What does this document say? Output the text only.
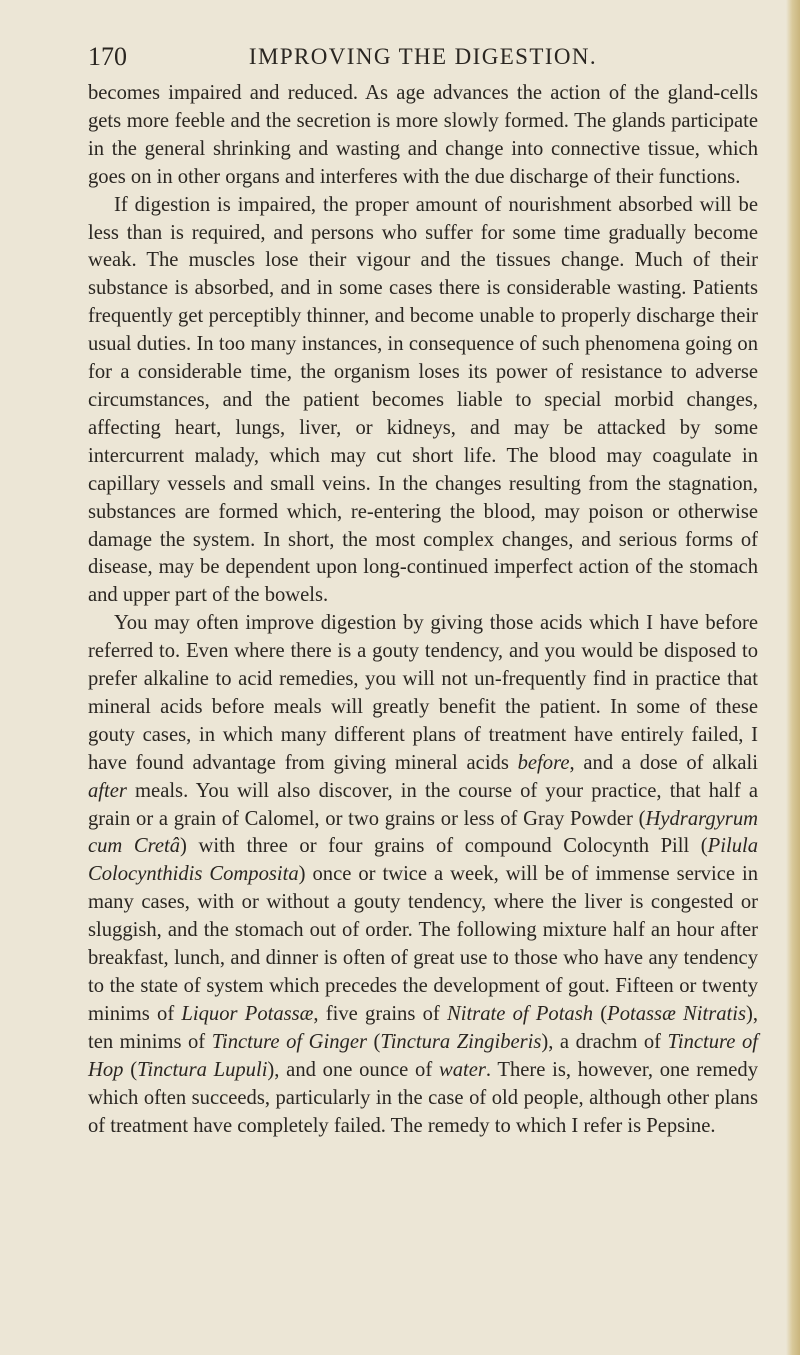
170	IMPROVING THE DIGESTION.

becomes impaired and reduced. As age advances the action of the gland-cells gets more feeble and the secretion is more slowly formed. The glands participate in the general shrinking and wasting and change into connective tissue, which goes on in other organs and interferes with the due discharge of their functions.

If digestion is impaired, the proper amount of nourishment absorbed will be less than is required, and persons who suffer for some time gradually become weak. The muscles lose their vigour and the tissues change. Much of their substance is absorbed, and in some cases there is considerable wasting. Patients frequently get perceptibly thinner, and become unable to properly discharge their usual duties. In too many instances, in consequence of such phenomena going on for a considerable time, the organism loses its power of resistance to adverse circumstances, and the patient becomes liable to special morbid changes, affecting heart, lungs, liver, or kidneys, and may be attacked by some intercurrent malady, which may cut short life. The blood may coagulate in capillary vessels and small veins. In the changes resulting from the stagnation, substances are formed which, re-entering the blood, may poison or otherwise damage the system. In short, the most complex changes, and serious forms of disease, may be dependent upon long-continued imperfect action of the stomach and upper part of the bowels.

You may often improve digestion by giving those acids which I have before referred to. Even where there is a gouty tendency, and you would be disposed to prefer alkaline to acid remedies, you will not un-frequently find in practice that mineral acids before meals will greatly benefit the patient. In some of these gouty cases, in which many different plans of treatment have entirely failed, I have found advantage from giving mineral acids before, and a dose of alkali after meals. You will also discover, in the course of your practice, that half a grain or a grain of Calomel, or two grains or less of Gray Powder (Hydrargyrum cum Cretâ) with three or four grains of compound Colocynth Pill (Pilula Colocynthidis Composita) once or twice a week, will be of immense service in many cases, with or without a gouty tendency, where the liver is congested or sluggish, and the stomach out of order. The following mixture half an hour after breakfast, lunch, and dinner is often of great use to those who have any tendency to the state of system which precedes the development of gout. Fifteen or twenty minims of Liquor Potassæ, five grains of Nitrate of Potash (Potassæ Nitratis), ten minims of Tincture of Ginger (Tinctura Zingiberis), a drachm of Tincture of Hop (Tinctura Lupuli), and one ounce of water. There is, however, one remedy which often succeeds, particularly in the case of old people, although other plans of treatment have completely failed. The remedy to which I refer is Pepsine.
